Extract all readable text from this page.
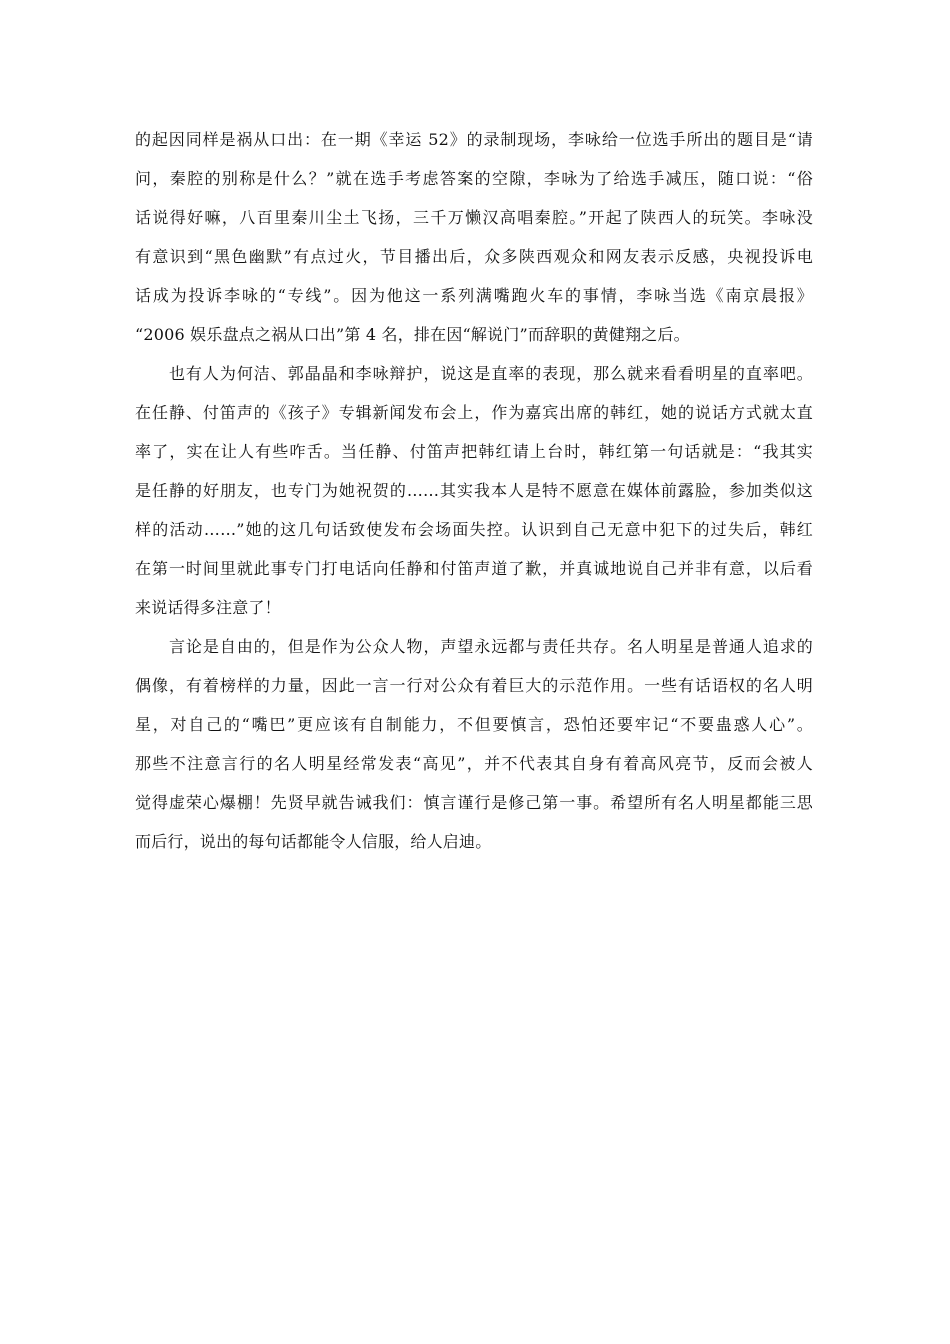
的起因同样是祸从口出：在一期《幸运 52》的录制现场，李咏给一位选手所出的题目是“请
问，秦腔的别称是什么？”就在选手考虑答案的空隙，李咏为了给选手减压，随口说：“俗
话说得好嘛，八百里秦川尘土飞扬，三千万懒汉高唱秦腔。”开起了陕西人的玩笑。李咏没
有意识到“黑色幽默”有点过火，节目播出后，众多陕西观众和网友表示反感，央视投诉电
话成为投诉李咏的“专线”。因为他这一系列满嘴跑火车的事情，李咏当选《南京晨报》
“2006 娱乐盘点之祸从口出”第 4 名，排在因“解说门”而辞职的黄健翔之后。
　　也有人为何洁、郭晶晶和李咏辩护，说这是直率的表现，那么就来看看明星的直率吧。
在任静、付笛声的《孩子》专辑新闻发布会上，作为嘉宾出席的韩红，她的说话方式就太直
率了，实在让人有些咋舌。当任静、付笛声把韩红请上台时，韩红第一句话就是：“我其实
是任静的好朋友，也专门为她祝贺的……其实我本人是特不愿意在媒体前露脸，参加类似这
样的活动……”她的这几句话致使发布会场面失控。认识到自己无意中犯下的过失后，韩红
在第一时间里就此事专门打电话向任静和付笛声道了歉，并真诚地说自己并非有意，以后看
来说话得多注意了！
　　言论是自由的，但是作为公众人物，声望永远都与责任共存。名人明星是普通人追求的
偶像，有着榜样的力量，因此一言一行对公众有着巨大的示范作用。一些有话语权的名人明
星，对自己的“嘴巴”更应该有自制能力，不但要慎言，恐怕还要牢记“不要蛊惑人心”。
那些不注意言行的名人明星经常发表“高见”，并不代表其自身有着高风亮节，反而会被人
觉得虚荣心爆棚！先贤早就告诫我们：慎言谨行是修己第一事。希望所有名人明星都能三思
而后行，说出的每句话都能令人信服，给人启迪。
